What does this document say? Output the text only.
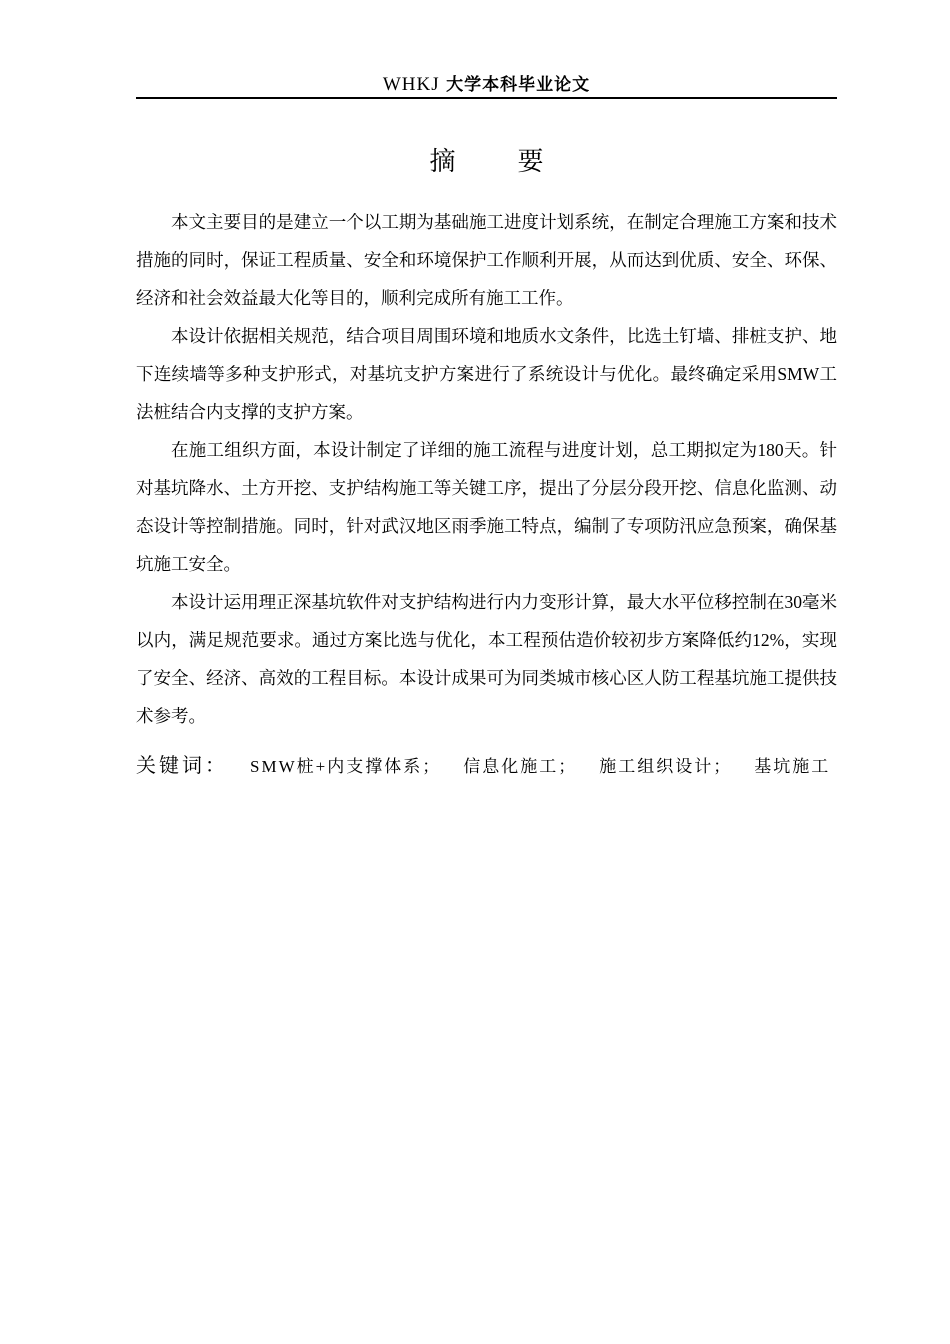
WHKJ 大学本科毕业论文
摘 要

本文主要目的是建立一个以工期为基础施工进度计划系统，在制定合理施工方案和技术措施的同时，保证工程质量、安全和环境保护工作顺利开展，从而达到优质、安全、环保、经济和社会效益最大化等目的，顺利完成所有施工工作。

本设计依据相关规范，结合项目周围环境和地质水文条件，比选土钉墙、排桩支护、地下连续墙等多种支护形式，对基坑支护方案进行了系统设计与优化。最终确定采用SMW工法桩结合内支撑的支护方案。

在施工组织方面，本设计制定了详细的施工流程与进度计划，总工期拟定为180天。针对基坑降水、土方开挖、支护结构施工等关键工序，提出了分层分段开挖、信息化监测、动态设计等控制措施。同时，针对武汉地区雨季施工特点，编制了专项防汛应急预案，确保基坑施工安全。

本设计运用理正深基坑软件对支护结构进行内力变形计算，最大水平位移控制在30毫米以内，满足规范要求。通过方案比选与优化，本工程预估造价较初步方案降低约12%，实现了安全、经济、高效的工程目标。本设计成果可为同类城市核心区人防工程基坑施工提供技术参考。

关键词： SMW桩+内支撑体系； 信息化施工； 施工组织设计； 基坑施工
